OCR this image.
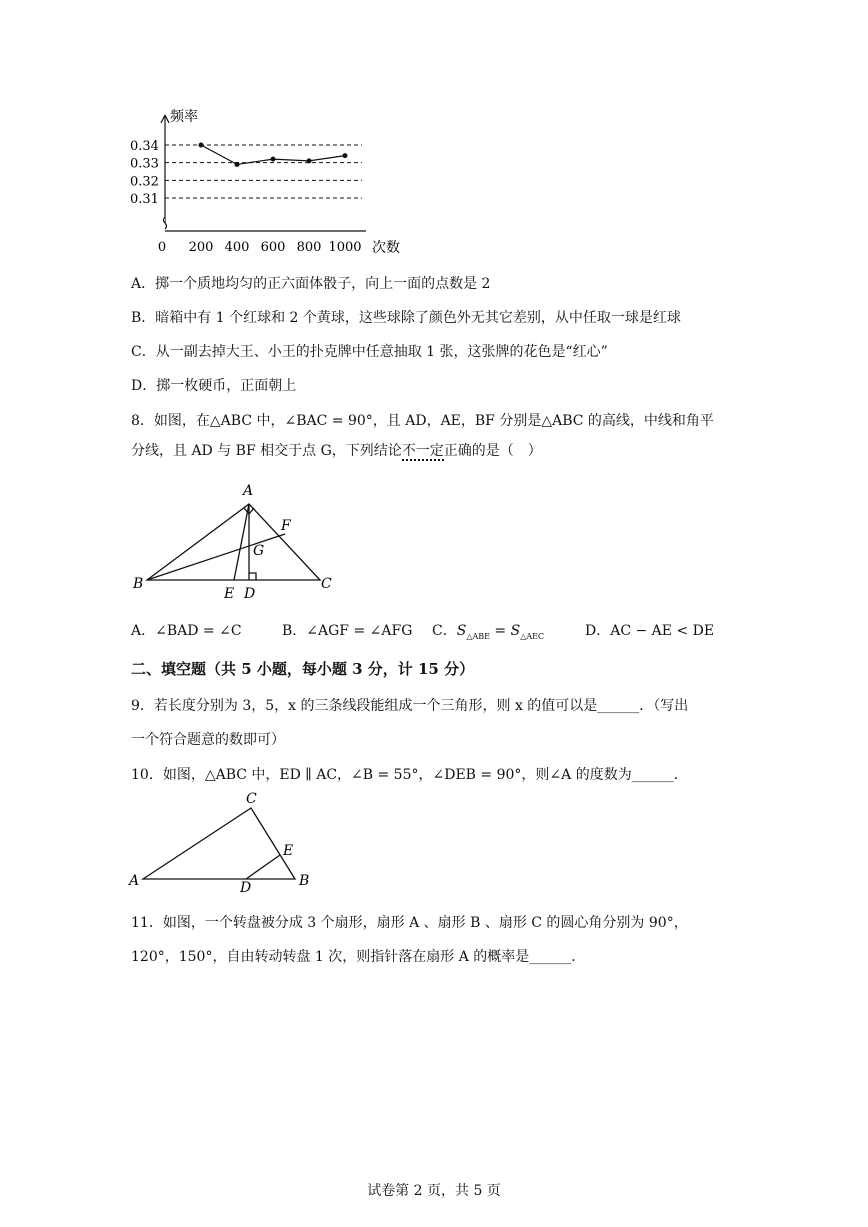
0.34
0.33
0.32
0.31
0 200 400 600 800 1000
频率
次数
A．掷一个质地均匀的正六面体骰子，向上一面的点数是 2
B．暗箱中有 1 个红球和 2 个黄球，这些球除了颜色外无其它差别，从中任取一球是红球
C．从一副去掉大王、小王的扑克牌中任意抽取 1 张，这张牌的花色是“红心”
D．掷一枚硬币，正面朝上
8．如图，在△ABC 中，∠BAC = 90°，且 AD，AE，BF 分别是△ABC 的高线，中线和角平
分线，且 AD 与 BF 相交于点 G，下列结论不一定正确的是（　）
A
B	C
D
E
F
G
A．∠BAD = ∠C	B．∠AGF = ∠AFG C．$S_{\triangle ABE} = S_{\triangle AEC}$	D．AC − AE < DE
二、填空题（共 5 小题，每小题 3 分，计 15 分）
9．若长度分别为 3，5，x 的三条线段能组成一个三角形，则 x 的值可以是______．（写出
一个符合题意的数即可）
10．如图，△ABC 中，ED ∥ AC，∠B = 55°，∠DEB = 90°，则∠A 的度数为______．
A	B
C
D
E
11．如图，一个转盘被分成 3 个扇形，扇形 A 、扇形 B 、扇形 C 的圆心角分别为 90°，
120°，150°，自由转动转盘 1 次，则指针落在扇形 A 的概率是______．
试卷第 2 页，共 5 页
